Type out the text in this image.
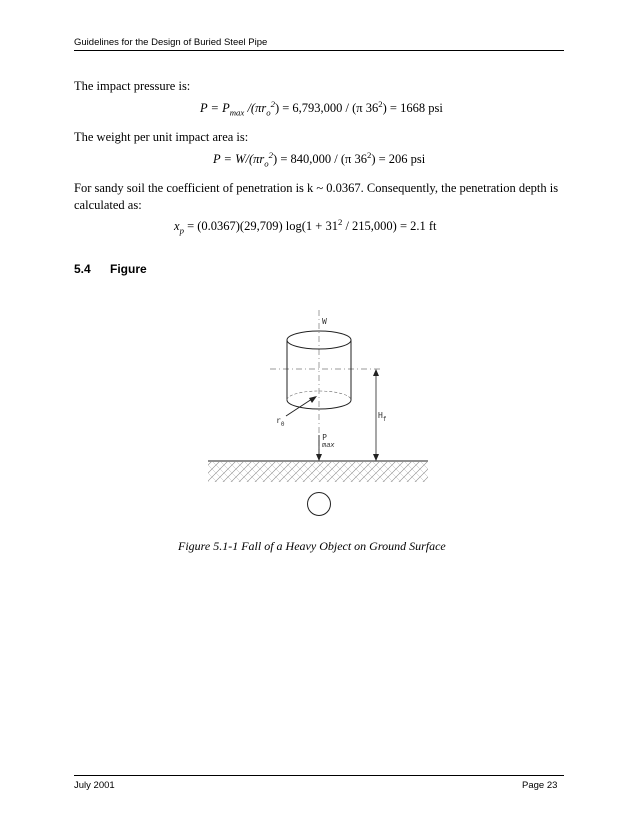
Guidelines for the Design of Buried Steel Pipe
The impact pressure is:
$P = P_{max}$ $/(\pi r_o^2) = 6,793,000 / (\pi$ $36^2) = 1668$ psi
The weight per unit impact area is:
$P = W/(\pi r_o^2) = 840,000 / (\pi$ $36^2) = 206$ psi
For sandy soil the coefficient of penetration is k ~ 0.0367. Consequently, the penetration depth is calculated as:
$x_p = (0.0367)(29,709) \log(1 + 31^2 / 215,000) = 2.1$ ft
5.4 Figure
W
$r_0$
$H_f$
P max
Figure 5.1-1 Fall of a Heavy Object on Ground Surface
July 2001	Page 23
